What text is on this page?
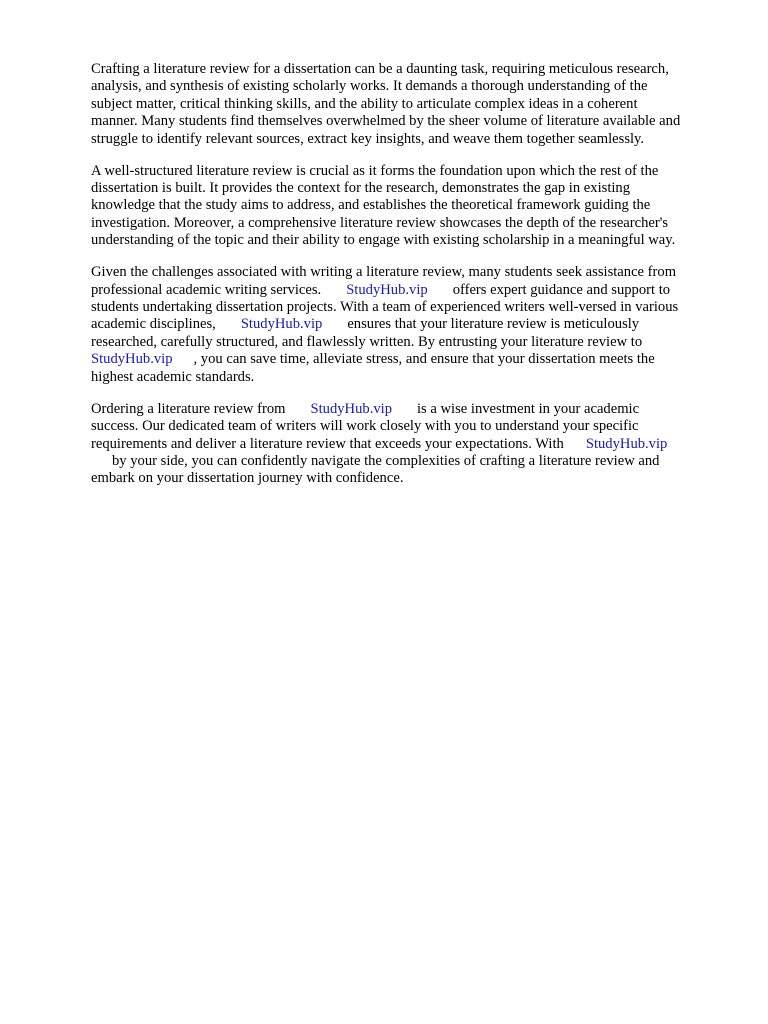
Crafting a literature review for a dissertation can be a daunting task, requiring meticulous research,
analysis, and synthesis of existing scholarly works. It demands a thorough understanding of the
subject matter, critical thinking skills, and the ability to articulate complex ideas in a coherent
manner. Many students find themselves overwhelmed by the sheer volume of literature available and
struggle to identify relevant sources, extract key insights, and weave them together seamlessly.

A well-structured literature review is crucial as it forms the foundation upon which the rest of the
dissertation is built. It provides the context for the research, demonstrates the gap in existing
knowledge that the study aims to address, and establishes the theoretical framework guiding the
investigation. Moreover, a comprehensive literature review showcases the depth of the researcher's
understanding of the topic and their ability to engage with existing scholarship in a meaningful way.

Given the challenges associated with writing a literature review, many students seek assistance from
professional academic writing services. StudyHub.vip offers expert guidance and support to
students undertaking dissertation projects. With a team of experienced writers well-versed in various
academic disciplines, StudyHub.vip ensures that your literature review is meticulously
researched, carefully structured, and flawlessly written. By entrusting your literature review to
StudyHub.vip , you can save time, alleviate stress, and ensure that your dissertation meets the
highest academic standards.

Ordering a literature review from StudyHub.vip is a wise investment in your academic
success. Our dedicated team of writers will work closely with you to understand your specific
requirements and deliver a literature review that exceeds your expectations. With StudyHub.vip
by your side, you can confidently navigate the complexities of crafting a literature review and
embark on your dissertation journey with confidence.
